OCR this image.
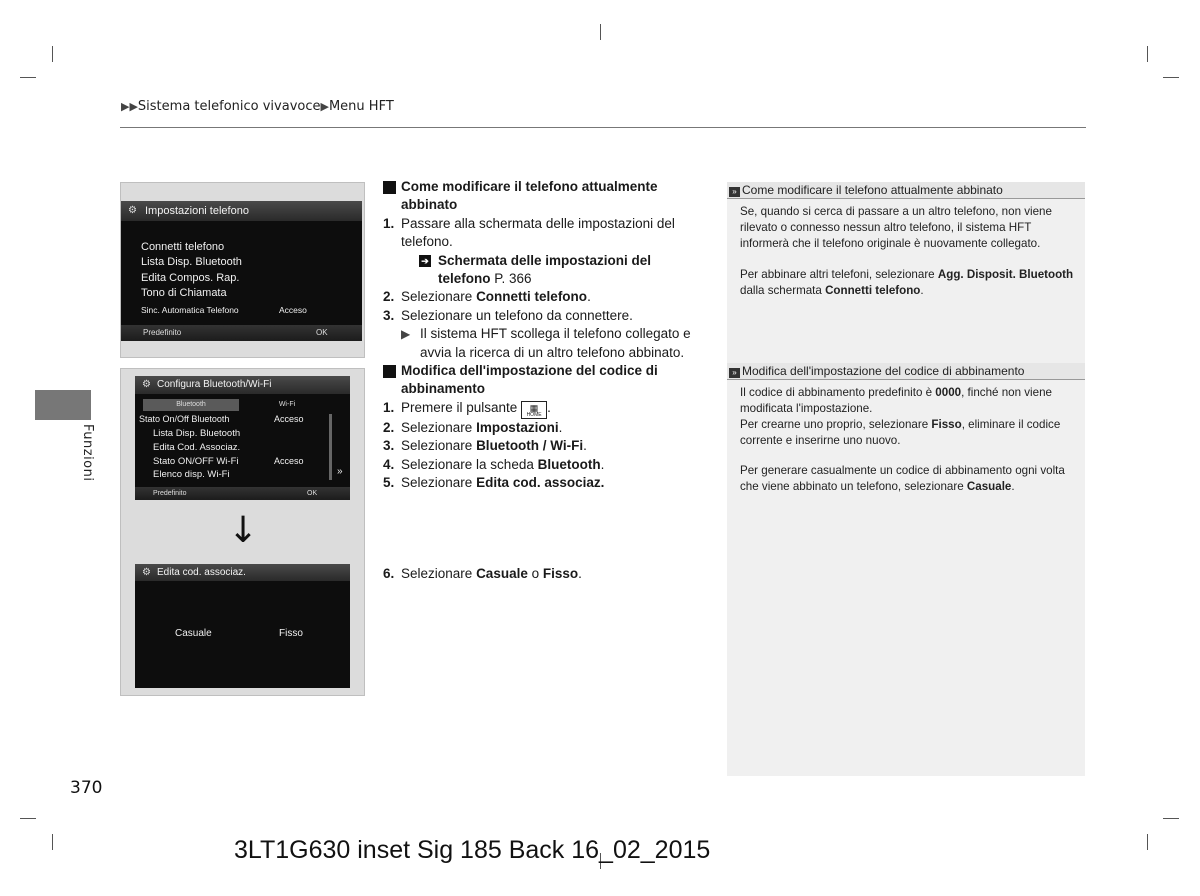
▶▶Sistema telefonico vivavoce▶Menu HFT
Funzioni
⚙ Impostazioni telefono
Connetti telefono
Lista Disp. Bluetooth
Edita Compos. Rap.
Tono di Chiamata
Sinc. Automatica Telefono	Acceso
Predefinito	OK
⚙ Configura Bluetooth/Wi-Fi
Bluetooth	Wi-Fi
Stato On/Off Bluetooth	Acceso
Lista Disp. Bluetooth
Edita Cod. Associaz.
Stato ON/OFF Wi-Fi	Acceso
Elenco disp. Wi-Fi	»
Predefinito	OK
↓
⚙ Edita cod. associaz.
Casuale	Fisso
Come modificare il telefono attualmente
abbinato
1. Passare alla schermata delle impostazioni del telefono.
➔ Schermata delle impostazioni del
telefono P. 366
2. Selezionare Connetti telefono.
3. Selezionare un telefono da connettere.
▶ Il sistema HFT scollega il telefono collegato e avvia la ricerca di un altro telefono abbinato.
Modifica dell'impostazione del codice di
abbinamento
1. Premere il pulsante ▦
HOME .
2. Selezionare Impostazioni.
3. Selezionare Bluetooth / Wi-Fi.
4. Selezionare la scheda Bluetooth.
5. Selezionare Edita cod. associaz.
6. Selezionare Casuale o Fisso.
» Come modificare il telefono attualmente abbinato

Se, quando si cerca di passare a un altro telefono, non viene rilevato o connesso nessun altro telefono, il sistema HFT informerà che il telefono originale è nuovamente collegato.

Per abbinare altri telefoni, selezionare Agg. Disposit. Bluetooth dalla schermata Connetti telefono.

» Modifica dell'impostazione del codice di abbinamento

Il codice di abbinamento predefinito è 0000, finché non viene modificata l'impostazione.

Per crearne uno proprio, selezionare Fisso, eliminare il codice corrente e inserirne uno nuovo.

Per generare casualmente un codice di abbinamento ogni volta che viene abbinato un telefono, selezionare Casuale.

370
3LT1G630 inset Sig 185 Back 16_02_2015
